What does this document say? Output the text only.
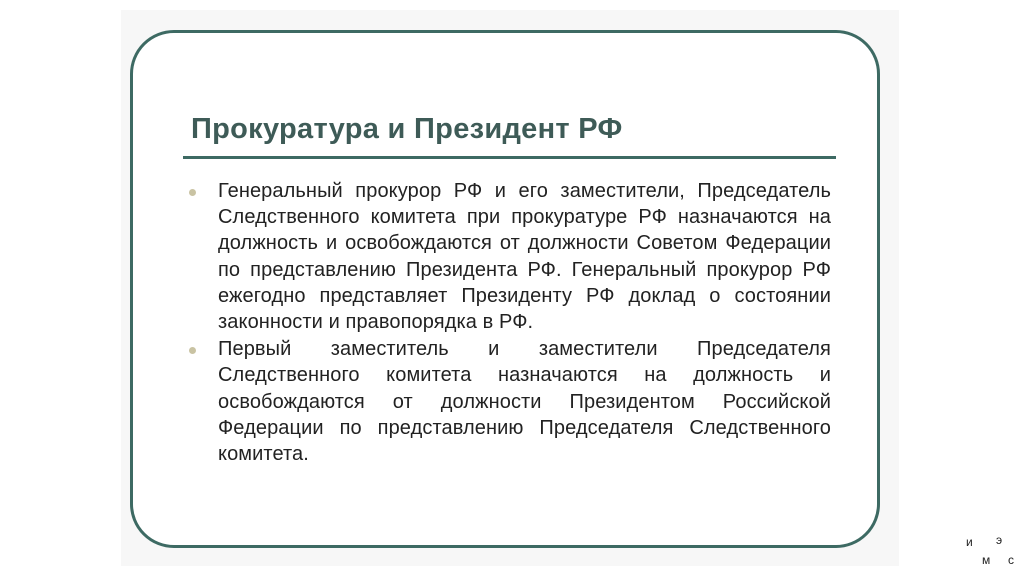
Прокуратура и Президент РФ
Генеральный прокурор РФ и его заместители, Председатель Следственного комитета при прокуратуре РФ назначаются на должность и освобождаются от должности Советом Федерации по представлению Президента РФ. Генеральный прокурор РФ ежегодно представляет Президенту РФ доклад о состоянии законности и правопорядка в РФ.
Первый заместитель и заместители Председателя Следственного комитета назначаются на должность и освобождаются от должности Президентом Российской Федерации по представлению Председателя Следственного комитета.
и э
м с
